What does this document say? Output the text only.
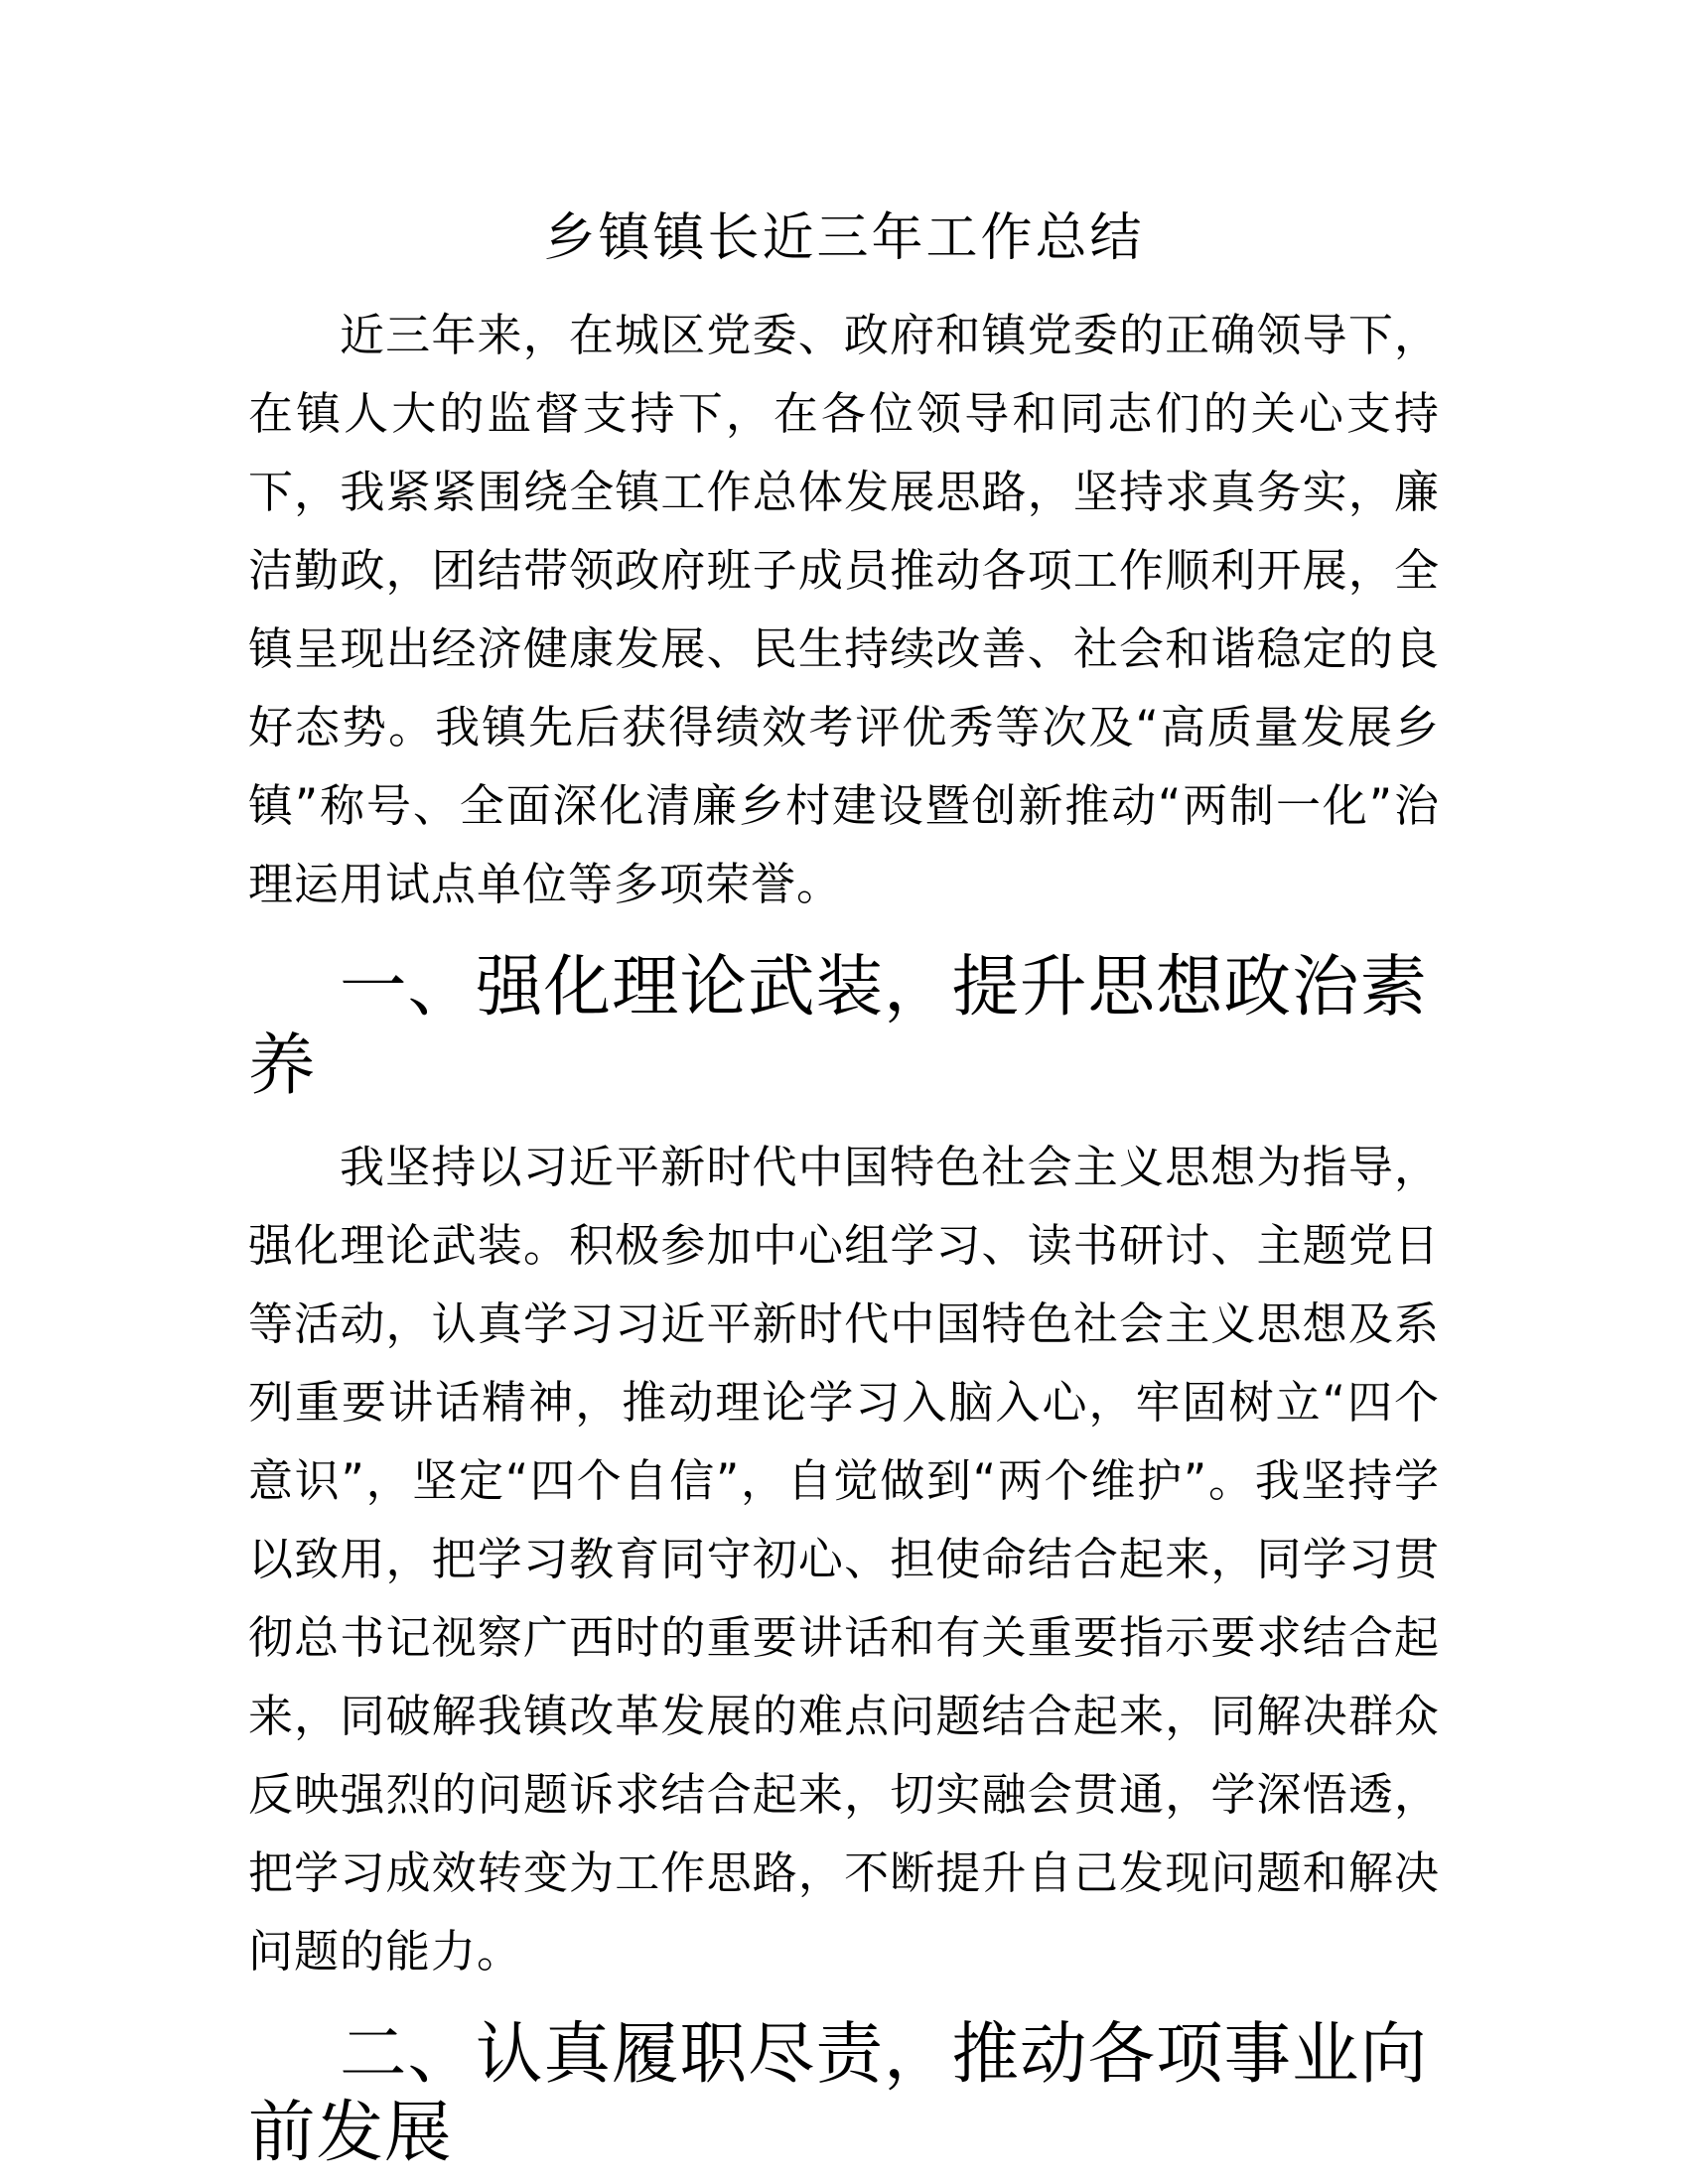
乡镇镇长近三年工作总结

近三年来，在城区党委、政府和镇党委的正确领导下，在镇人大的监督支持下，在各位领导和同志们的关心支持下，我紧紧围绕全镇工作总体发展思路，坚持求真务实，廉洁勤政，团结带领政府班子成员推动各项工作顺利开展，全镇呈现出经济健康发展、民生持续改善、社会和谐稳定的良好态势。我镇先后获得绩效考评优秀等次及“高质量发展乡镇”称号、全面深化清廉乡村建设暨创新推动“两制一化”治理运用试点单位等多项荣誉。

一、强化理论武装，提升思想政治素养

我坚持以习近平新时代中国特色社会主义思想为指导，强化理论武装。积极参加中心组学习、读书研讨、主题党日等活动，认真学习习近平新时代中国特色社会主义思想及系列重要讲话精神，推动理论学习入脑入心，牢固树立“四个意识”，坚定“四个自信”，自觉做到“两个维护”。我坚持学以致用，把学习教育同守初心、担使命结合起来，同学习贯彻总书记视察广西时的重要讲话和有关重要指示要求结合起来，同破解我镇改革发展的难点问题结合起来，同解决群众反映强烈的问题诉求结合起来，切实融会贯通，学深悟透，把学习成效转变为工作思路，不断提升自己发现问题和解决问题的能力。

二、认真履职尽责，推动各项事业向前发展
